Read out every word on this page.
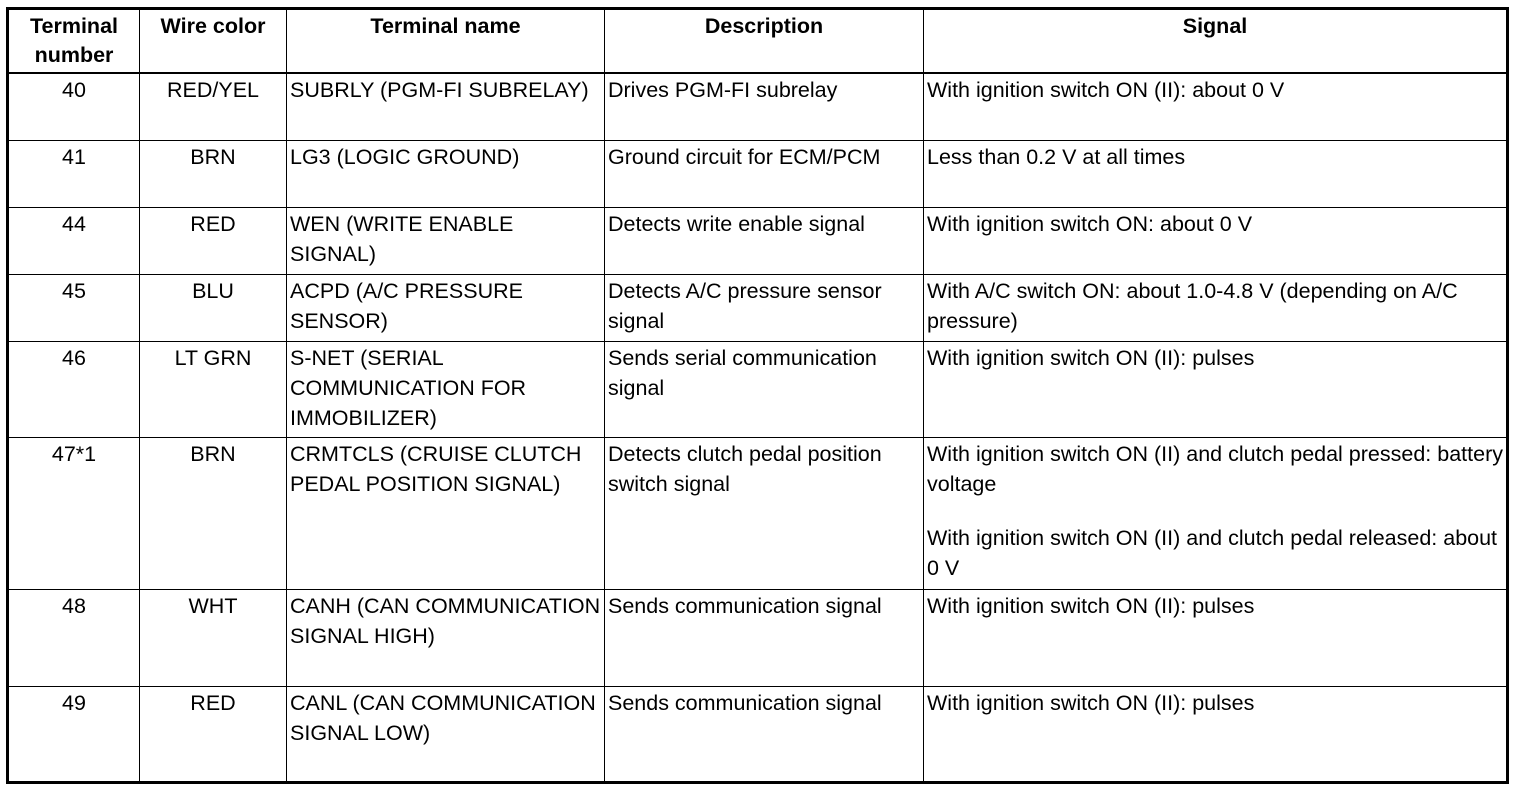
Terminal number	Wire color	Terminal name	Description	Signal
40	RED/YEL	SUBRLY (PGM-FI SUBRELAY)	Drives PGM-FI subrelay	With ignition switch ON (II): about 0 V

41	BRN	LG3 (LOGIC GROUND)	Ground circuit for ECM/PCM	Less than 0.2 V at all times

44	RED	WEN (WRITE ENABLE SIGNAL)	Detects write enable signal	With ignition switch ON: about 0 V

45	BLU	ACPD (A/C PRESSURE SENSOR)	Detects A/C pressure sensor signal	With A/C switch ON: about 1.0-4.8 V (depending on A/C pressure)

46	LT GRN	S-NET (SERIAL COMMUNICATION FOR IMMOBILIZER)	Sends serial communication signal	With ignition switch ON (II): pulses

47*1	BRN	CRMTCLS (CRUISE CLUTCH PEDAL POSITION SIGNAL)	Detects clutch pedal position switch signal	With ignition switch ON (II) and clutch pedal pressed: battery voltage
With ignition switch ON (II) and clutch pedal released: about 0 V

48	WHT	CANH (CAN COMMUNICATION SIGNAL HIGH)	Sends communication signal	With ignition switch ON (II): pulses

49	RED	CANL (CAN COMMUNICATION SIGNAL LOW)	Sends communication signal	With ignition switch ON (II): pulses
